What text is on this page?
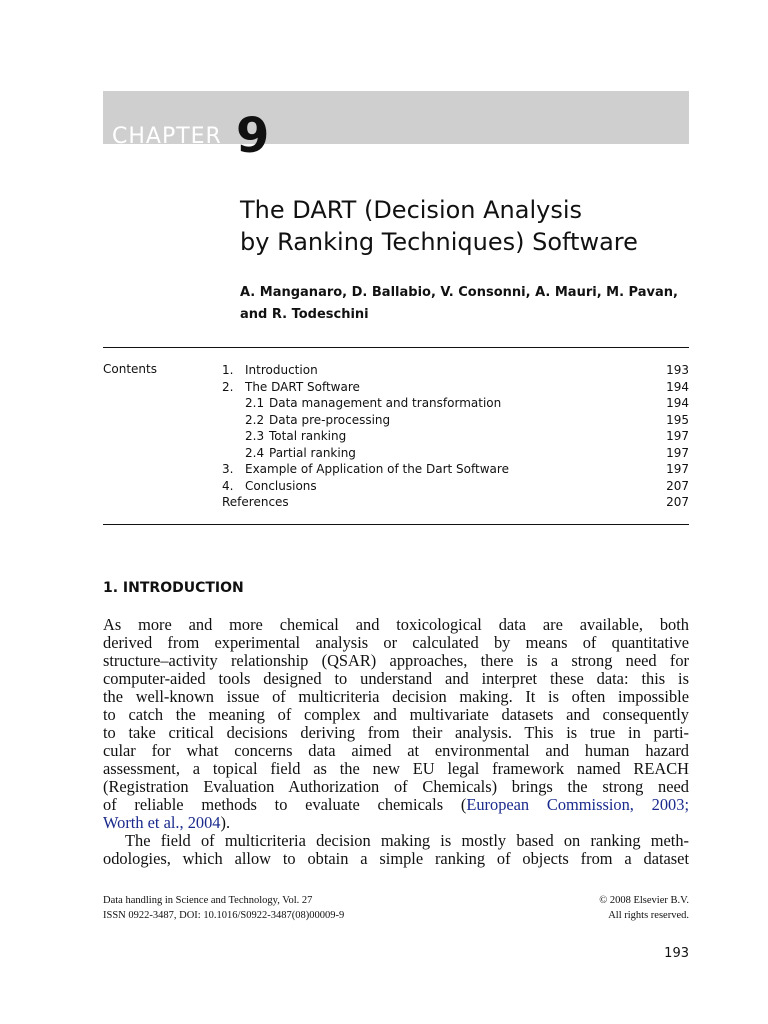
CHAPTER 9
The DART (Decision Analysis
by Ranking Techniques) Software
A. Manganaro, D. Ballabio, V. Consonni, A. Mauri, M. Pavan,
and R. Todeschini
Contents	1. Introduction	193
2. The DART Software	194
2.1 Data management and transformation	194
2.2 Data pre-processing	195
2.3 Total ranking	197
2.4 Partial ranking	197
3. Example of Application of the Dart Software	197
4. Conclusions	207
References	207
1. INTRODUCTION
As more and more chemical and toxicological data are available, both
derived from experimental analysis or calculated by means of quantitative
structure–activity relationship (QSAR) approaches, there is a strong need for
computer-aided tools designed to understand and interpret these data: this is
the well-known issue of multicriteria decision making. It is often impossible
to catch the meaning of complex and multivariate datasets and consequently
to take critical decisions deriving from their analysis. This is true in parti-
cular for what concerns data aimed at environmental and human hazard
assessment, a topical field as the new EU legal framework named REACH
(Registration Evaluation Authorization of Chemicals) brings the strong need
of reliable methods to evaluate chemicals (European Commission, 2003;
Worth et al., 2004).
The field of multicriteria decision making is mostly based on ranking meth-
odologies, which allow to obtain a simple ranking of objects from a dataset
Data handling in Science and Technology, Vol. 27
ISSN 0922-3487, DOI: 10.1016/S0922-3487(08)00009-9
© 2008 Elsevier B.V.
All rights reserved.
193
